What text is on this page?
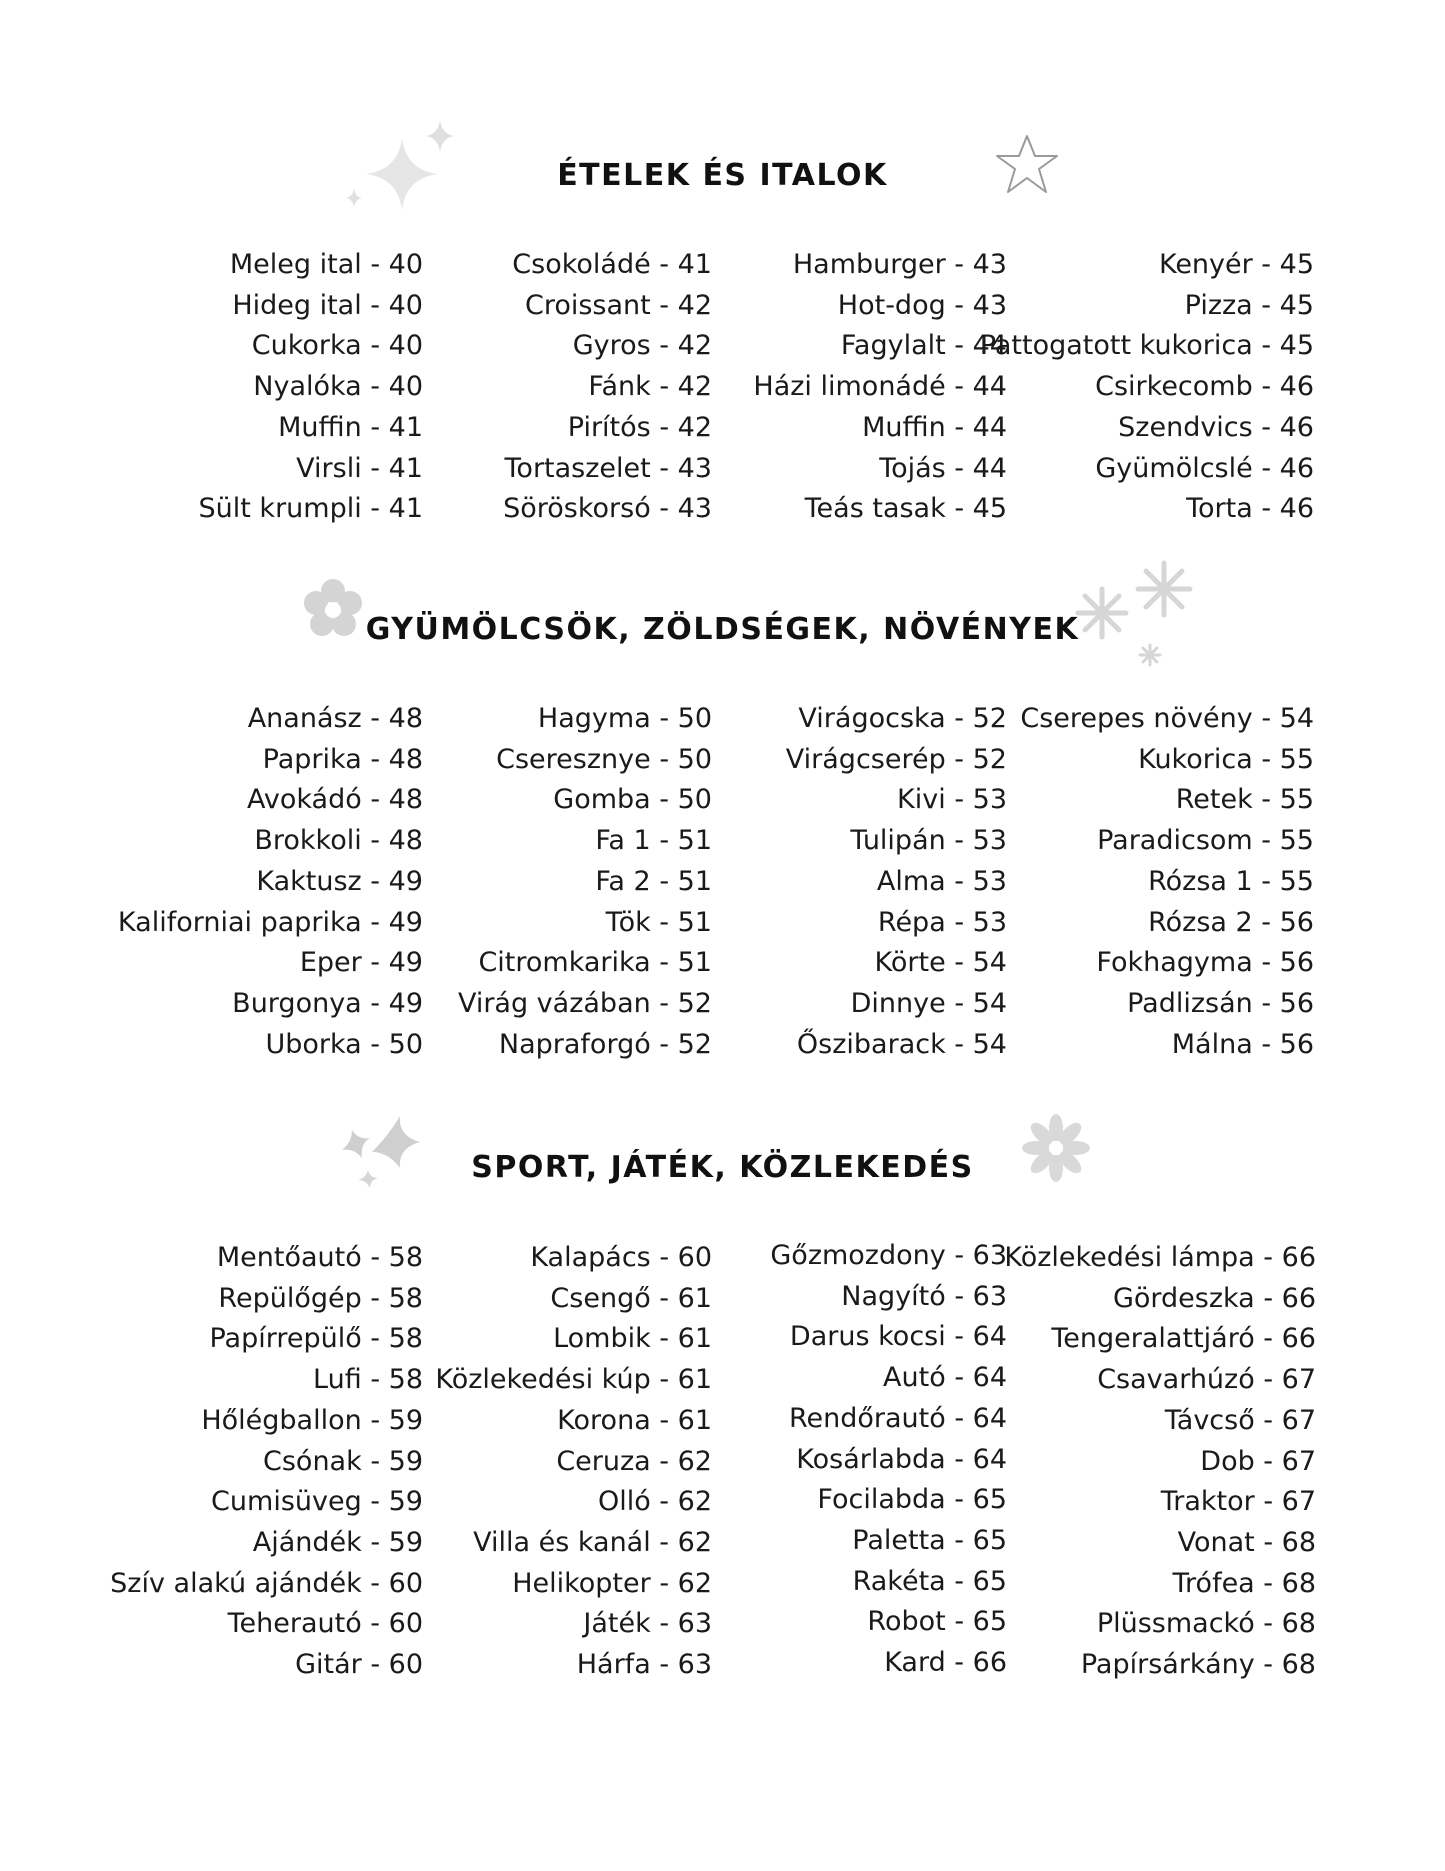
ÉTELEK ÉS ITALOK
Meleg ital - 40
Hideg ital - 40
Cukorka - 40
Nyalóka - 40
Muffin - 41
Virsli - 41
Sült krumpli - 41
Csokoládé - 41
Croissant - 42
Gyros - 42
Fánk - 42
Pirítós - 42
Tortaszelet - 43
Söröskorsó - 43
Hamburger - 43
Hot-dog - 43
Fagylalt - 44
Házi limonádé - 44
Muffin - 44
Tojás - 44
Teás tasak - 45
Kenyér - 45
Pizza - 45
Pattogatott kukorica - 45
Csirkecomb - 46
Szendvics - 46
Gyümölcslé - 46
Torta - 46
GYÜMÖLCSÖK, ZÖLDSÉGEK, NÖVÉNYEK
Ananász - 48
Paprika - 48
Avokádó - 48
Brokkoli - 48
Kaktusz - 49
Kaliforniai paprika - 49
Eper - 49
Burgonya - 49
Uborka - 50
Hagyma - 50
Cseresznye - 50
Gomba - 50
Fa 1 - 51
Fa 2 - 51
Tök - 51
Citromkarika - 51
Virág vázában - 52
Napraforgó - 52
Virágocska - 52
Virágcserép - 52
Kivi - 53
Tulipán - 53
Alma - 53
Répa - 53
Körte - 54
Dinnye - 54
Őszibarack - 54
Cserepes növény - 54
Kukorica - 55
Retek - 55
Paradicsom - 55
Rózsa 1 - 55
Rózsa 2 - 56
Fokhagyma - 56
Padlizsán - 56
Málna - 56
SPORT, JÁTÉK, KÖZLEKEDÉS
Mentőautó - 58
Repülőgép - 58
Papírrepülő - 58
Lufi - 58
Hőlégballon - 59
Csónak - 59
Cumisüveg - 59
Ajándék - 59
Szív alakú ajándék - 60
Teherautó - 60
Gitár - 60
Kalapács - 60
Csengő - 61
Lombik - 61
Közlekedési kúp - 61
Korona - 61
Ceruza - 62
Olló - 62
Villa és kanál - 62
Helikopter - 62
Játék - 63
Hárfa - 63
Gőzmozdony - 63
Nagyító - 63
Darus kocsi - 64
Autó - 64
Rendőrautó - 64
Kosárlabda - 64
Focilabda - 65
Paletta - 65
Rakéta - 65
Robot - 65
Kard - 66
Közlekedési lámpa - 66
Gördeszka - 66
Tengeralattjáró - 66
Csavarhúzó - 67
Távcső - 67
Dob - 67
Traktor - 67
Vonat - 68
Trófea - 68
Plüssmackó - 68
Papírsárkány - 68
